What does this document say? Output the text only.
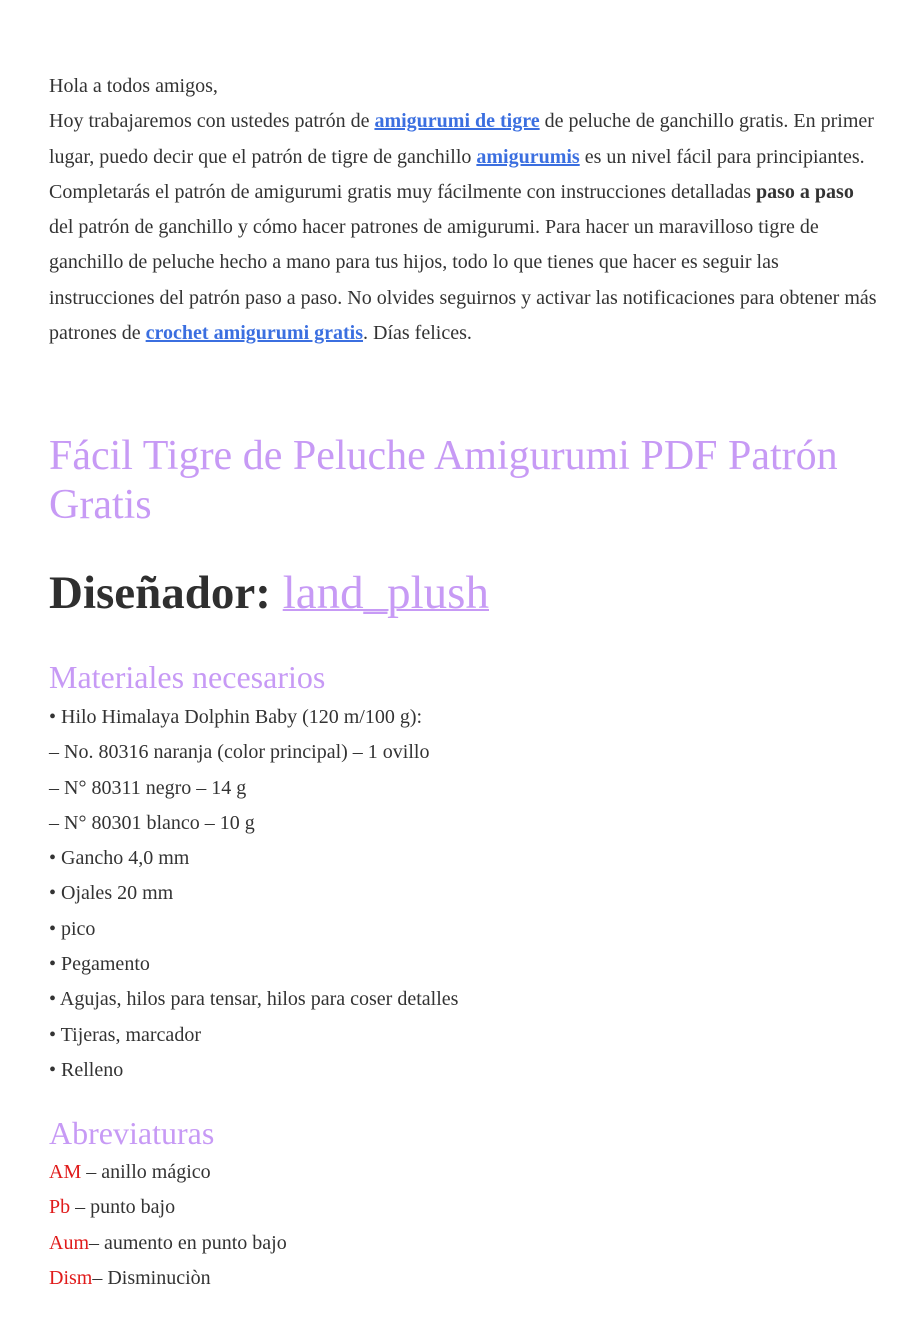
Hola a todos amigos,

Hoy trabajaremos con ustedes patrón de amigurumi de tigre de peluche de ganchillo gratis. En primer lugar, puedo decir que el patrón de tigre de ganchillo amigurumis es un nivel fácil para principiantes. Completarás el patrón de amigurumi gratis muy fácilmente con instrucciones detalladas paso a paso del patrón de ganchillo y cómo hacer patrones de amigurumi. Para hacer un maravilloso tigre de ganchillo de peluche hecho a mano para tus hijos, todo lo que tienes que hacer es seguir las instrucciones del patrón paso a paso. No olvides seguirnos y activar las notificaciones para obtener más patrones de crochet amigurumi gratis. Días felices.

Fácil Tigre de Peluche Amigurumi PDF Patrón Gratis
Diseñador: land_plush
Materiales necesarios
• Hilo Himalaya Dolphin Baby (120 m/100 g):
– No. 80316 naranja (color principal) – 1 ovillo
– N° 80311 negro – 14 g
– N° 80301 blanco – 10 g
• Gancho 4,0 mm
• Ojales 20 mm
• pico
• Pegamento
• Agujas, hilos para tensar, hilos para coser detalles
• Tijeras, marcador
• Relleno
Abreviaturas
AM – anillo mágico
Pb – punto bajo
Aum– aumento en punto bajo
Dism– Disminuciòn
